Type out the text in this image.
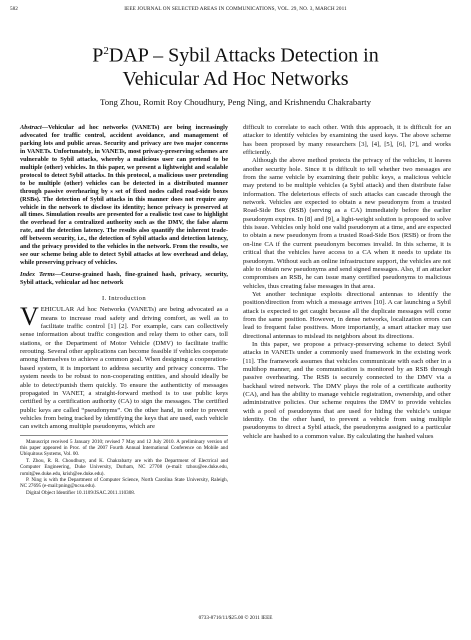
582	IEEE JOURNAL ON SELECTED AREAS IN COMMUNICATIONS, VOL. 29, NO. 3, MARCH 2011
$P^2DAP$ – Sybil Attacks Detection in Vehicular Ad Hoc Networks
Tong Zhou, Romit Roy Choudhury, Peng Ning, and Krishnendu Chakrabarty

Abstract—Vehicular ad hoc networks (VANETs) are being increasingly advocated for traffic control, accident avoidance, and management of parking lots and public areas. Security and privacy are two major concerns in VANETs. Unfortunately, in VANETs, most privacy-preserving schemes are vulnerable to Sybil attacks, whereby a malicious user can pretend to be multiple (other) vehicles. In this paper, we present a lightweight and scalable protocol to detect Sybil attacks. In this protocol, a malicious user pretending to be multiple (other) vehicles can be detected in a distributed manner through passive overhearing by s set of fixed nodes called road-side boxes (RSBs). The detection of Sybil attacks in this manner does not require any vehicle in the network to disclose its identity; hence privacy is preserved at all times. Simulation results are presented for a realistic test case to highlight the overhead for a centralized authority such as the DMV, the false alarm rate, and the detection latency. The results also quantify the inherent trade-off between security, i.e., the detection of Sybil attacks and detection latency, and the privacy provided to the vehicles in the network. From the results, we see our scheme being able to detect Sybil attacks at low overhead and delay, while preserving privacy of vehicles.

Index Terms—Course-grained hash, fine-grained hash, privacy, security, Sybil attack, vehicular ad hoc network

I. Introduction

VEHICULAR Ad hoc Networks (VANETs) are being advocated as a means to increase road safety and driving comfort, as well as to facilitate traffic control [1] [2]. For example, cars can collectively sense information about traffic congestion and relay them to other cars, toll stations, or the Department of Motor Vehicle (DMV) to facilitate traffic rerouting. Several other applications can become feasible if vehicles cooperate among themselves to achieve a common goal. When designing a cooperation-based system, it is important to address security and privacy concerns. The system needs to be robust to non-cooperating entities, and should ideally be able to detect/punish them quickly. To ensure the authenticity of messages propagated in VANET, a straight-forward method is to use public keys certified by a certification authority (CA) to sign the messages. The certified public keys are called “pseudonyms”. On the other hand, in order to prevent vehicles from being tracked by identifying the keys that are used, each vehicle can switch among multiple pseudonyms, which are

Manuscript received 5 January 2010; revised 7 May and 12 July 2010. A preliminary version of this paper appeared in Proc. of the 2007 Fourth Annual International Conference on Mobile and Ubiquitous Systems, Vol. 00.

T. Zhou, R. R. Choudhury, and K. Chakrabarty are with the Department of Electrical and Computer Engineering, Duke University, Durham, NC 27708 (e-mail: tzhou@ee.duke.edu, romit@ee.duke.edu, krish@ee.duke.edu).

P. Ning is with the Department of Computer Science, North Carolina State University, Raleigh, NC 27695 (e-mail:pning@ncsu.edu).

Digital Object Identifier 10.1109/JSAC.2011.110308.

difficult to correlate to each other. With this approach, it is difficult for an attacker to identify vehicles by examining the used keys. The above scheme has been proposed by many researchers [3], [4], [5], [6], [7], and works efficiently.

Although the above method protects the privacy of the vehicles, it leaves another security hole. Since it is difficult to tell whether two messages are from the same vehicle by examining their public keys, a malicious vehicle may pretend to be multiple vehicles (a Sybil attack) and then distribute false information. The deleterious effects of such attacks can cascade through the network. Vehicles are expected to obtain a new pseudonym from a trusted Road-Side Box (RSB) (serving as a CA) immediately before the earlier pseudonym expires. In [8] and [9], a light-weight solution is proposed to solve this issue. Vehicles only hold one valid pseudonym at a time, and are expected to obtain a new pseudonym from a trusted Road-Side Box (RSB) or from the on-line CA if the current pseudonym becomes invalid. In this scheme, it is critical that the vehicles have access to a CA when it needs to update its pseudonym. Without such an online infrastructure support, the vehicles are not able to obtain new pseudonyms and send signed messages. Also, if an attacker compromises an RSB, he can issue many certified pseudonyms to malicious vehicles, thus creating false messages in that area.

Yet another technique exploits directional antennas to identify the position/direction from which a message arrives [10]. A car launching a Sybil attack is expected to get caught because all the duplicate messages will come from the same position. However, in dense networks, localization errors can lead to frequent false positives. More importantly, a smart attacker may use directional antennas to mislead its neighbors about its directions.

In this paper, we propose a privacy-preserving scheme to detect Sybil attacks in VANETs under a commonly used framework in the existing work [11]. The framework assumes that vehicles communicate with each other in a multihop manner, and the communication is monitored by an RSB through passive overhearing. The RSB is securely connected to the DMV via a backhaul wired network. The DMV plays the role of a certificate authority (CA), and has the ability to manage vehicle registration, ownership, and other administrative policies. Our scheme requires the DMV to provide vehicles with a pool of pseudonyms that are used for hiding the vehicle’s unique identity. On the other hand, to prevent a vehicle from using multiple pseudonyms to direct a Sybil attack, the pseudonyms assigned to a particular vehicle are hashed to a common value. By calculating the hashed values

0733-8716/11/$25.00 © 2011 IEEE
